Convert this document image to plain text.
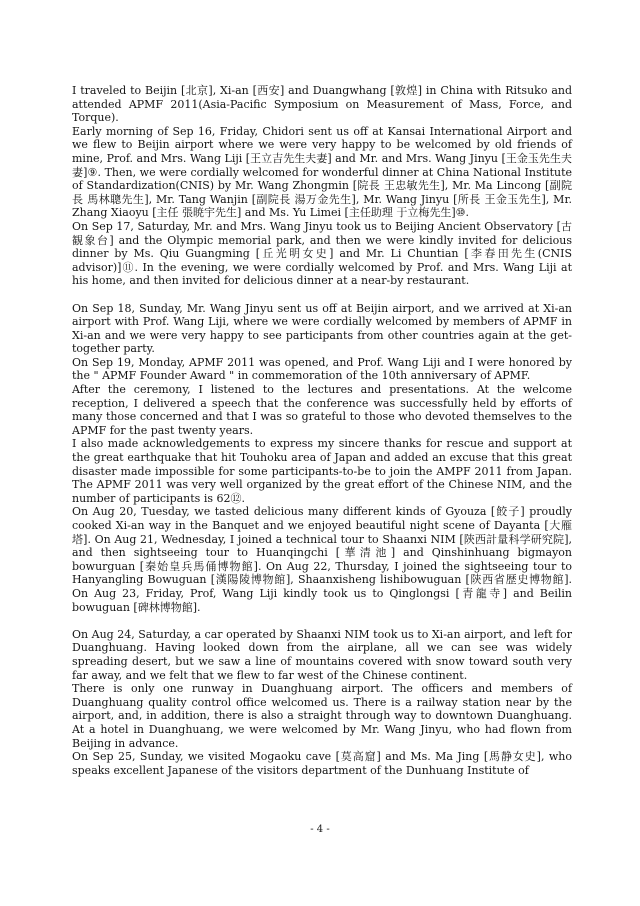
I traveled to Beijin [北京], Xi-an [西安] and Duangwhang [敦煌] in China with Ritsuko and attended APMF 2011(Asia-Pacific Symposium on Measurement of Mass, Force, and Torque).

Early morning of Sep 16, Friday, Chidori sent us off at Kansai International Airport and we flew to Beijin airport where we were very happy to be welcomed by old friends of mine, Prof. and Mrs. Wang Liji [王立吉先生夫妻] and Mr. and Mrs. Wang Jinyu [王金玉先生夫妻]⑨. Then, we were cordially welcomed for wonderful dinner at China National Institute of Standardization(CNIS) by Mr. Wang Zhongmin [院長 王忠敏先生], Mr. Ma Lincong [副院長 馬林聰先生], Mr. Tang Wanjin [副院長 湯万金先生], Mr. Wang Jinyu [所長 王金玉先生], Mr. Zhang Xiaoyu [主任 張暁宇先生] and Ms. Yu Limei [主任助理 于立梅先生]⑩.

On Sep 17, Saturday, Mr. and Mrs. Wang Jinyu took us to Beijing Ancient Observatory [古観象台] and the Olympic memorial park, and then we were kindly invited for delicious dinner by Ms. Qiu Guangming [丘光明女史] and Mr. Li Chuntian [李春田先生(CNIS advisor)]⑪. In the evening, we were cordially welcomed by Prof. and Mrs. Wang Liji at his home, and then invited for delicious dinner at a near-by restaurant.

On Sep 18, Sunday, Mr. Wang Jinyu sent us off at Beijin airport, and we arrived at Xi-an airport with Prof. Wang Liji, where we were cordially welcomed by members of APMF in Xi-an and we were very happy to see participants from other countries again at the get-together party.

On Sep 19, Monday, APMF 2011 was opened, and Prof. Wang Liji and I were honored by the " APMF Founder Award " in commemoration of the 10th anniversary of APMF.

After the ceremony, I listened to the lectures and presentations. At the welcome reception, I delivered a speech that the conference was successfully held by efforts of many those concerned and that I was so grateful to those who devoted themselves to the APMF for the past twenty years.

I also made acknowledgements to express my sincere thanks for rescue and support at the great earthquake that hit Touhoku area of Japan and added an excuse that this great disaster made impossible for some participants-to-be to join the AMPF 2011 from Japan. The APMF 2011 was very well organized by the great effort of the Chinese NIM, and the number of participants is 62⑫.

On Aug 20, Tuesday, we tasted delicious many different kinds of Gyouza [餃子] proudly cooked Xi-an way in the Banquet and we enjoyed beautiful night scene of Dayanta [大雁塔]. On Aug 21, Wednesday, I joined a technical tour to Shaanxi NIM [陝西計量科学研究院], and then sightseeing tour to Huanqingchi [華清池] and Qinshinhuang bigmayon bowurguan [秦始皇兵馬俑博物館]. On Aug 22, Thursday, I joined the sightseeing tour to Hanyangling Bowuguan [漢陽陵博物館], Shaanxisheng lishibowuguan [陝西省歴史博物館]. On Aug 23, Friday, Prof, Wang Liji kindly took us to Qinglongsi [青龍寺] and Beilin bowuguan [碑林博物館].

On Aug 24, Saturday, a car operated by Shaanxi NIM took us to Xi-an airport, and left for Duanghuang. Having looked down from the airplane, all we can see was widely spreading desert, but we saw a line of mountains covered with snow toward south very far away, and we felt that we flew to far west of the Chinese continent.

There is only one runway in Duanghuang airport. The officers and members of Duanghuang quality control office welcomed us. There is a railway station near by the airport, and, in addition, there is also a straight through way to downtown Duanghuang. At a hotel in Duanghuang, we were welcomed by Mr. Wang Jinyu, who had flown from Beijing in advance.

On Sep 25, Sunday, we visited Mogaoku cave [莫高窟] and Ms. Ma Jing [馬静女史], who speaks excellent Japanese of the visitors department of the Dunhuang Institute of

- 4 -
